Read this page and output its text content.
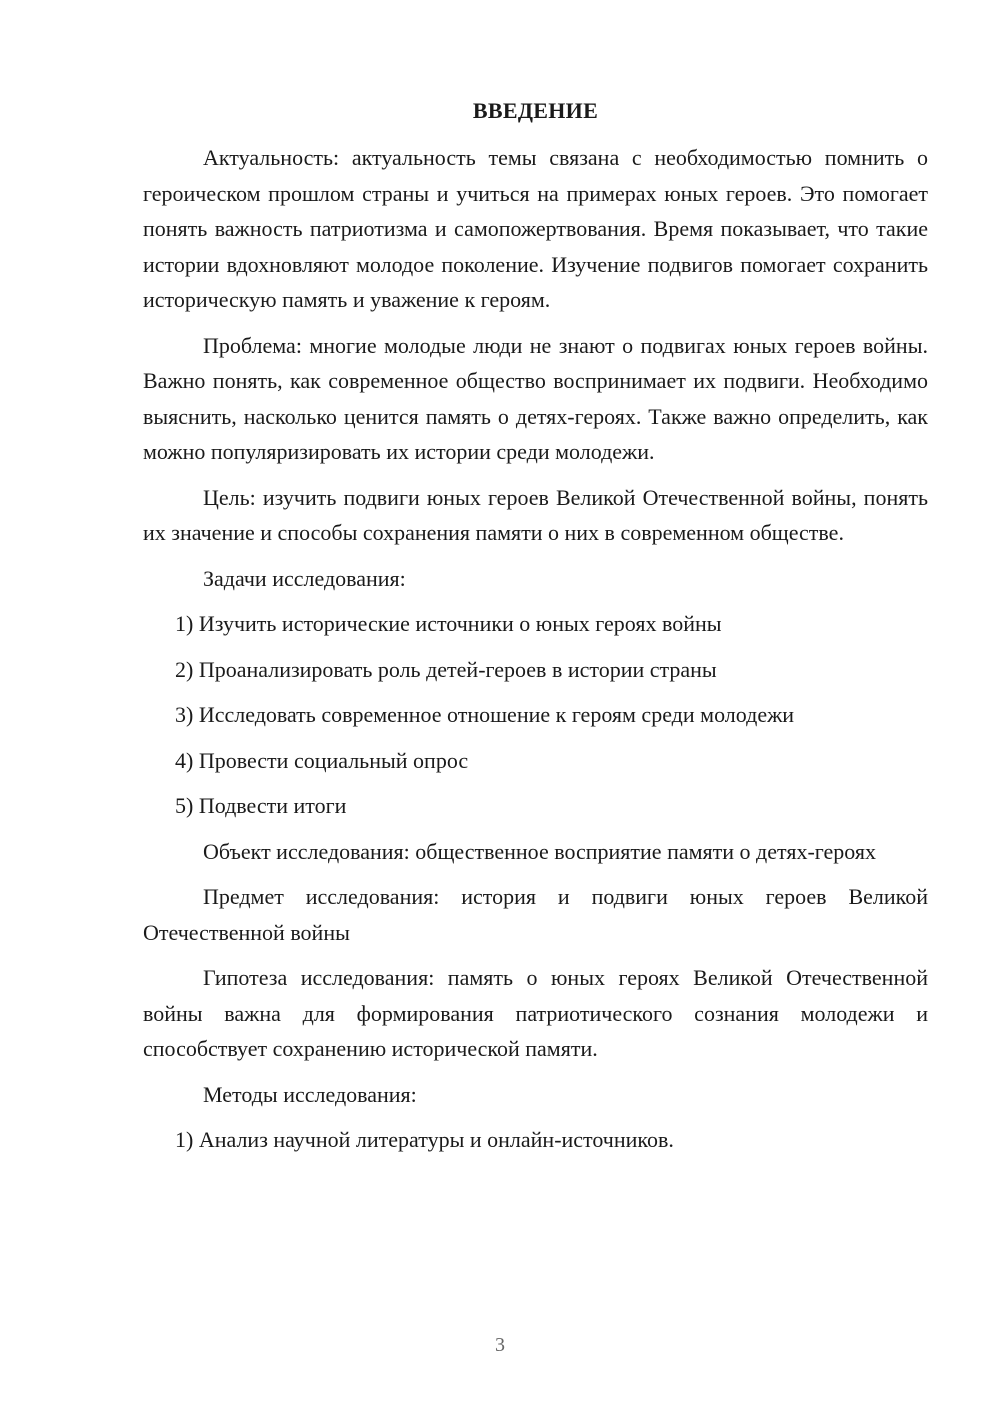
ВВЕДЕНИЕ

Актуальность: актуальность темы связана с необходимостью помнить о героическом прошлом страны и учиться на примерах юных героев. Это помогает понять важность патриотизма и самопожертвования. Время показывает, что такие истории вдохновляют молодое поколение. Изучение подвигов помогает сохранить историческую память и уважение к героям.

Проблема: многие молодые люди не знают о подвигах юных героев войны. Важно понять, как современное общество воспринимает их подвиги. Необходимо выяснить, насколько ценится память о детях-героях. Также важно определить, как можно популяризировать их истории среди молодежи.

Цель: изучить подвиги юных героев Великой Отечественной войны, понять их значение и способы сохранения памяти о них в современном обществе.

Задачи исследования:

1) Изучить исторические источники о юных героях войны

2) Проанализировать роль детей-героев в истории страны

3) Исследовать современное отношение к героям среди молодежи

4) Провести социальный опрос

5) Подвести итоги

Объект исследования: общественное восприятие памяти о детях-героях

Предмет исследования: история и подвиги юных героев Великой Отечественной войны

Гипотеза исследования: память о юных героях Великой Отечественной войны важна для формирования патриотического сознания молодежи и способствует сохранению исторической памяти.

Методы исследования:

1) Анализ научной литературы и онлайн-источников.

3
